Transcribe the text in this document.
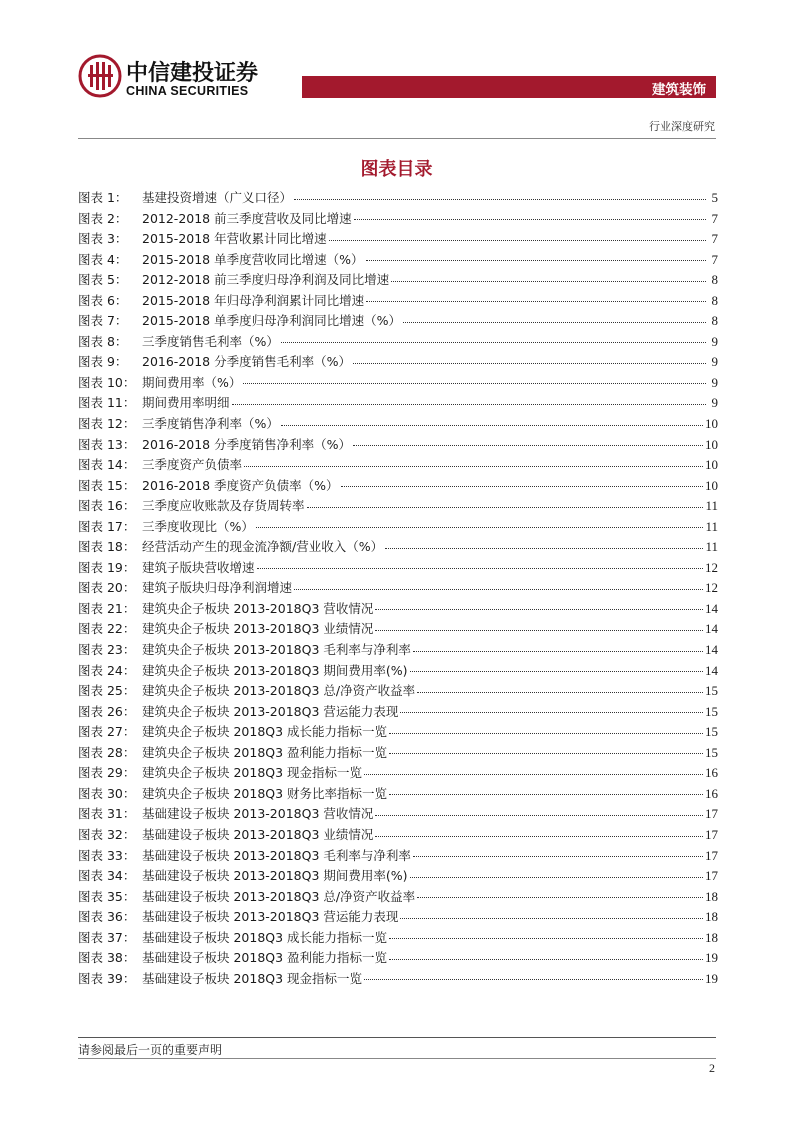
中信建投证券
CHINA SECURITIES	建筑装饰
行业深度研究
图表目录
图表 1：	基建投资增速（广义口径）	5
图表 2：	2012-2018 前三季度营收及同比增速	7
图表 3：	2015-2018 年营收累计同比增速	7
图表 4：	2015-2018 单季度营收同比增速（%）	7
图表 5：	2012-2018 前三季度归母净利润及同比增速	8
图表 6：	2015-2018 年归母净利润累计同比增速	8
图表 7：	2015-2018 单季度归母净利润同比增速（%）	8
图表 8：	三季度销售毛利率（%）	9
图表 9：	2016-2018 分季度销售毛利率（%）	9
图表 10： 期间费用率（%）	9
图表 11： 期间费用率明细	9
图表 12： 三季度销售净利率（%）	10
图表 13： 2016-2018 分季度销售净利率（%）	10
图表 14： 三季度资产负债率	10
图表 15： 2016-2018 季度资产负债率（%）	10
图表 16： 三季度应收账款及存货周转率	11
图表 17： 三季度收现比（%）	11
图表 18： 经营活动产生的现金流净额/营业收入（%）	11
图表 19： 建筑子版块营收增速	12
图表 20： 建筑子版块归母净利润增速	12
图表 21： 建筑央企子板块 2013-2018Q3 营收情况	14
图表 22： 建筑央企子板块 2013-2018Q3 业绩情况	14
图表 23： 建筑央企子板块 2013-2018Q3 毛利率与净利率	14
图表 24： 建筑央企子板块 2013-2018Q3 期间费用率(%)	14
图表 25： 建筑央企子板块 2013-2018Q3 总/净资产收益率	15
图表 26： 建筑央企子板块 2013-2018Q3 营运能力表现	15
图表 27： 建筑央企子板块 2018Q3 成长能力指标一览	15
图表 28： 建筑央企子板块 2018Q3 盈利能力指标一览	15
图表 29： 建筑央企子板块 2018Q3 现金指标一览	16
图表 30： 建筑央企子板块 2018Q3 财务比率指标一览	16
图表 31： 基础建设子板块 2013-2018Q3 营收情况	17
图表 32： 基础建设子板块 2013-2018Q3 业绩情况	17
图表 33： 基础建设子板块 2013-2018Q3 毛利率与净利率	17
图表 34： 基础建设子板块 2013-2018Q3 期间费用率(%)	17
图表 35： 基础建设子板块 2013-2018Q3 总/净资产收益率	18
图表 36： 基础建设子板块 2013-2018Q3 营运能力表现	18
图表 37： 基础建设子板块 2018Q3 成长能力指标一览	18
图表 38： 基础建设子板块 2018Q3 盈利能力指标一览	19
图表 39： 基础建设子板块 2018Q3 现金指标一览	19
请参阅最后一页的重要声明
2
